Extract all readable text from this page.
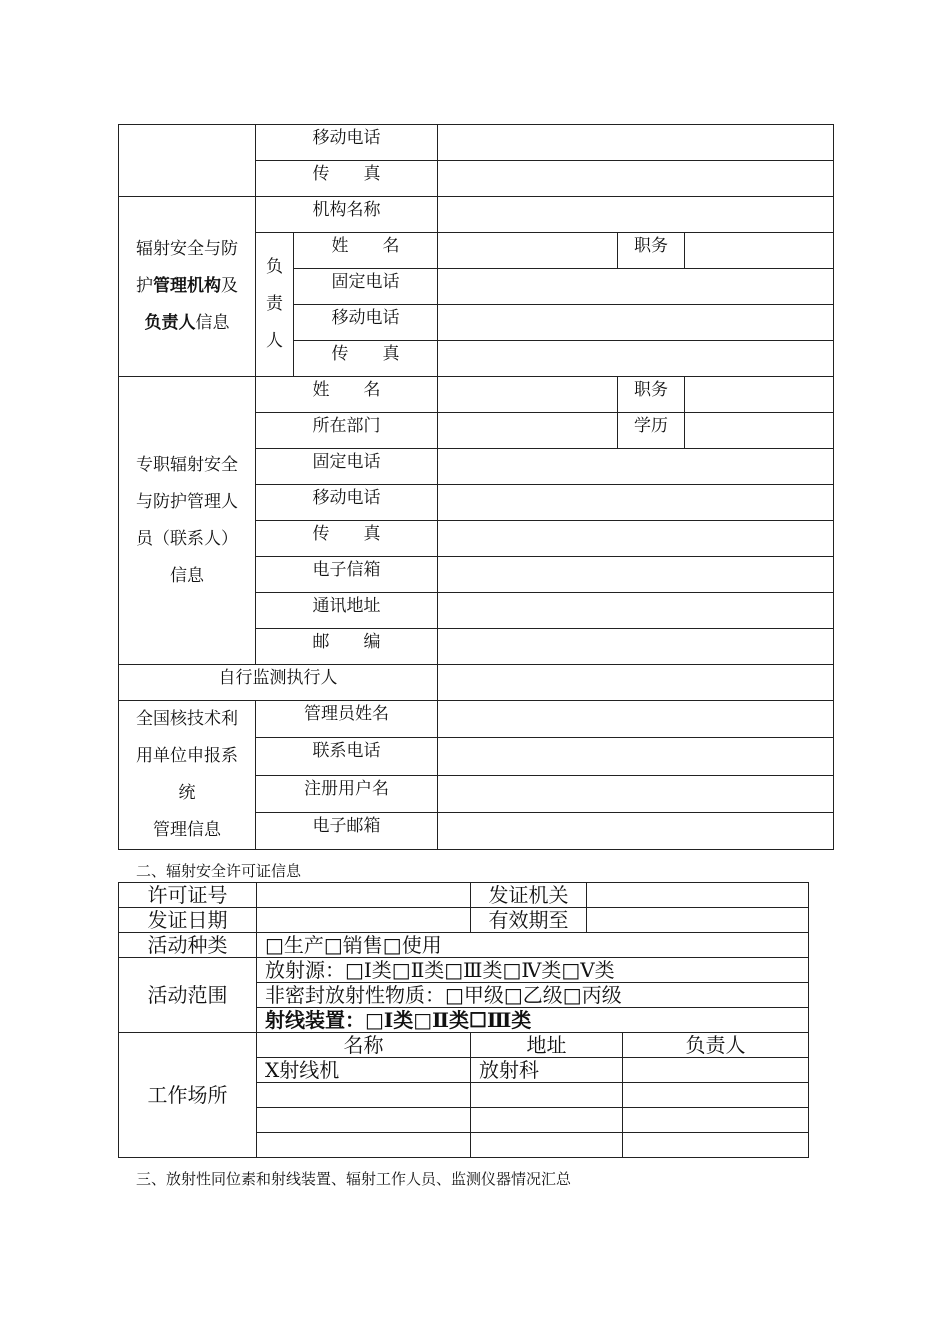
	移动电话				
	传　　真				
辐射安全与防
护管理机构及
负责人信息	机构名称				
	负
责
人	姓　　名		职务	
		固定电话			
		移动电话			
		传　　真			
专职辐射安全
与防护管理人
员（联系人）
信息	姓　　名			职务	
	所在部门			学历	
	固定电话				
	移动电话				
	传　　真				
	电子信箱				
	通讯地址				
	邮　　编				
自行监测执行人					
全国核技术利
用单位申报系
统
管理信息	管理员姓名				
	联系电话				
	注册用户名				
	电子邮箱				
二、辐射安全许可证信息
许可证号		发证机关		
发证日期		有效期至		
活动种类	□生产□销售□使用			
活动范围	放射源：□Ⅰ类□Ⅱ类□Ⅲ类□Ⅳ类□Ⅴ类			
	非密封放射性物质：□甲级□乙级□丙级			
	射线装置：□Ⅰ类□Ⅱ类☐Ⅲ类			
工作场所	名称	地址		负责人
	X射线机	放射科		

三、放射性同位素和射线装置、辐射工作人员、监测仪器情况汇总
